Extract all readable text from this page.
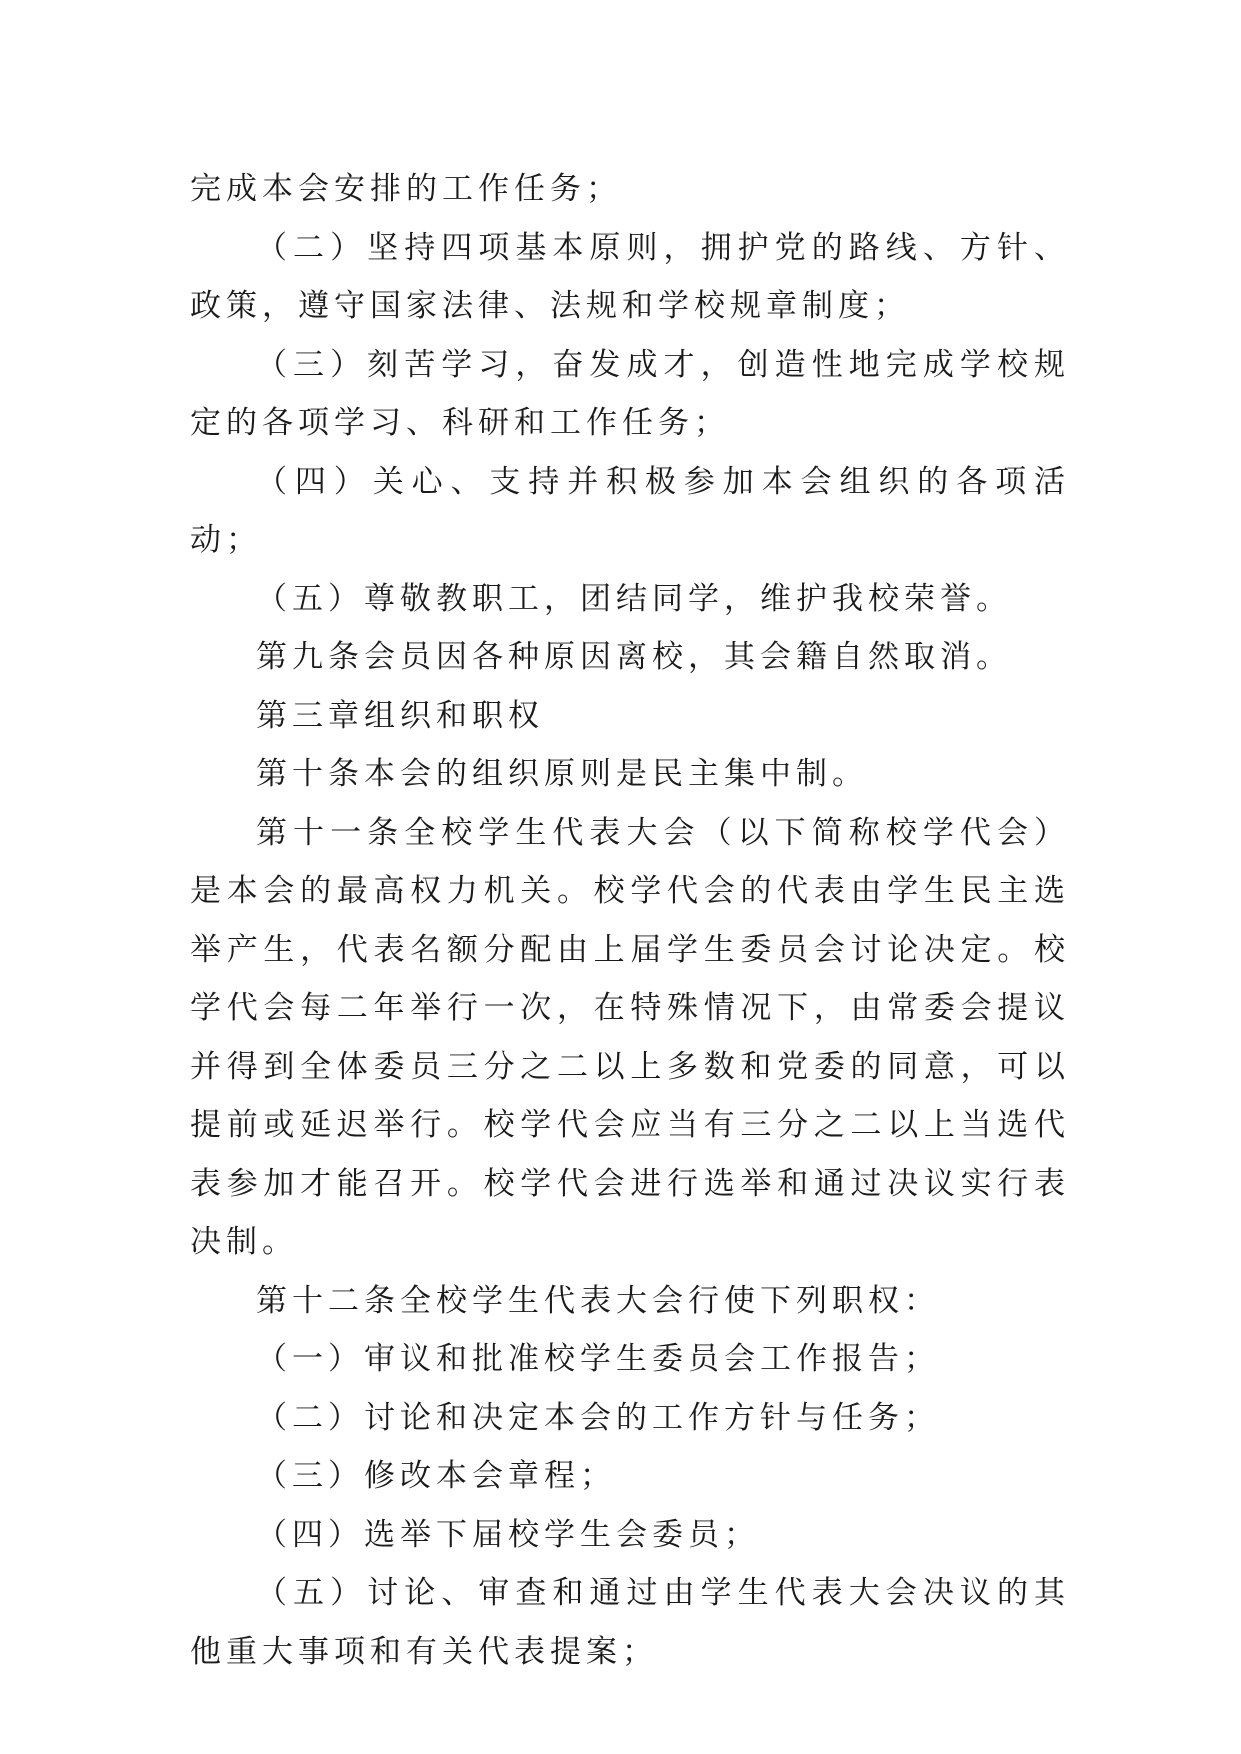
完成本会安排的工作任务；

（二）坚持四项基本原则，拥护党的路线、方针、政策，遵守国家法律、法规和学校规章制度；

（三）刻苦学习，奋发成才，创造性地完成学校规定的各项学习、科研和工作任务；

（四）关心、支持并积极参加本会组织的各项活动；

（五）尊敬教职工，团结同学，维护我校荣誉。

第九条会员因各种原因离校，其会籍自然取消。

第三章组织和职权

第十条本会的组织原则是民主集中制。

第十一条全校学生代表大会（以下简称校学代会）是本会的最高权力机关。校学代会的代表由学生民主选举产生，代表名额分配由上届学生委员会讨论决定。校学代会每二年举行一次，在特殊情况下，由常委会提议并得到全体委员三分之二以上多数和党委的同意，可以提前或延迟举行。校学代会应当有三分之二以上当选代表参加才能召开。校学代会进行选举和通过决议实行表决制。

第十二条全校学生代表大会行使下列职权：

（一）审议和批准校学生委员会工作报告；

（二）讨论和决定本会的工作方针与任务；

（三）修改本会章程；

（四）选举下届校学生会委员；

（五）讨论、审查和通过由学生代表大会决议的其他重大事项和有关代表提案；
